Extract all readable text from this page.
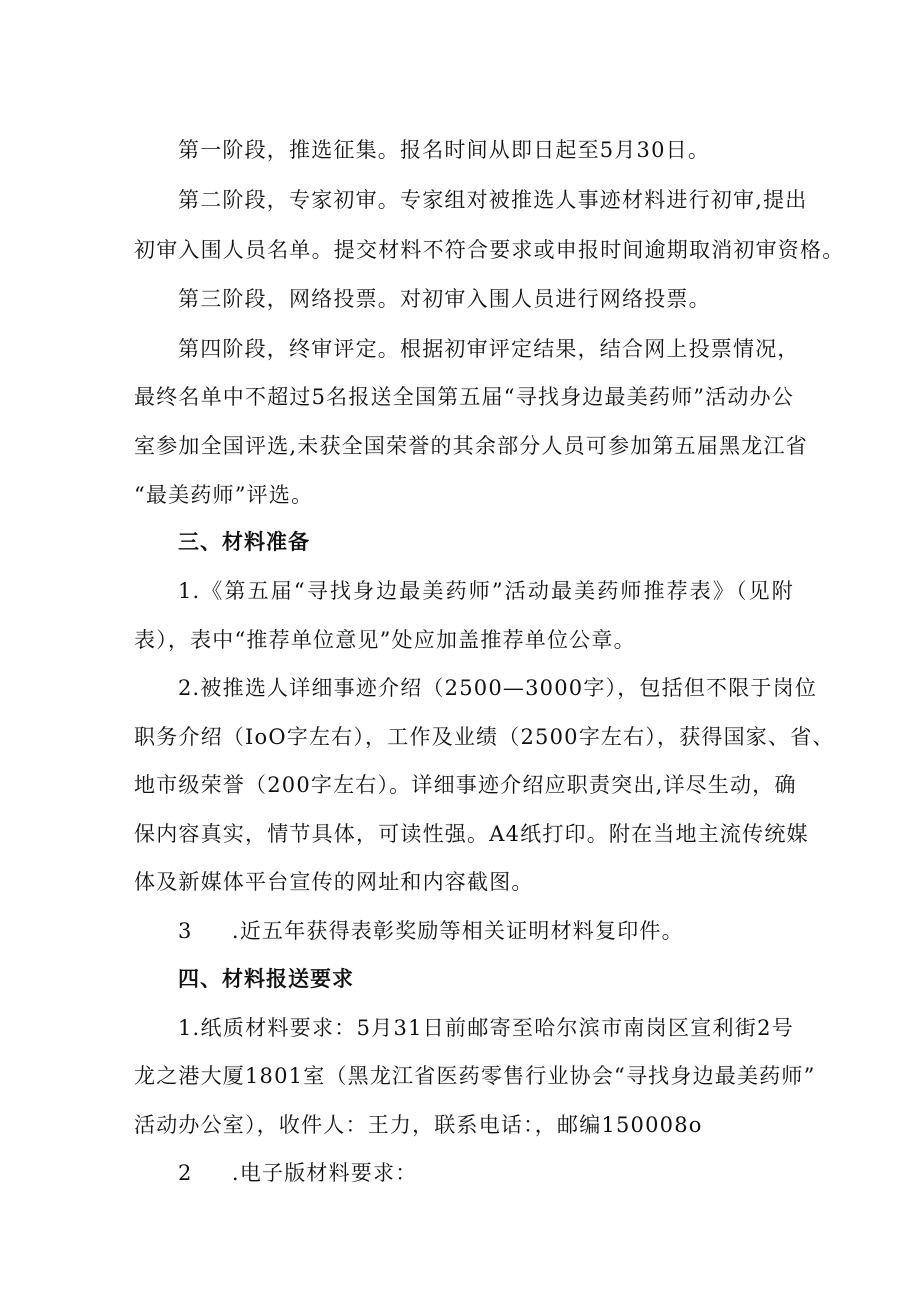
第一阶段，推选征集。报名时间从即日起至5月30日。
第二阶段，专家初审。专家组对被推选人事迹材料进行初审,提出
初审入围人员名单。提交材料不符合要求或申报时间逾期取消初审资格。
第三阶段，网络投票。对初审入围人员进行网络投票。
第四阶段，终审评定。根据初审评定结果，结合网上投票情况，
最终名单中不超过5名报送全国第五届“寻找身边最美药师”活动办公
室参加全国评选,未获全国荣誉的其余部分人员可参加第五届黑龙江省
“最美药师”评选。
三、材料准备
1.《第五届“寻找身边最美药师”活动最美药师推荐表》（见附
表），表中“推荐单位意见”处应加盖推荐单位公章。
2.被推选人详细事迹介绍（2500—3000字），包括但不限于岗位
职务介绍（IoO字左右），工作及业绩（2500字左右），获得国家、省、
地市级荣誉（200字左右）。详细事迹介绍应职责突出,详尽生动，确
保内容真实，情节具体，可读性强。A4纸打印。附在当地主流传统媒
体及新媒体平台宣传的网址和内容截图。
3     .近五年获得表彰奖励等相关证明材料复印件。
四、材料报送要求
1.纸质材料要求：5月31日前邮寄至哈尔滨市南岗区宣利街2号
龙之港大厦1801室（黑龙江省医药零售行业协会“寻找身边最美药师”
活动办公室），收件人：王力，联系电话：，邮编150008o
2     .电子版材料要求：
